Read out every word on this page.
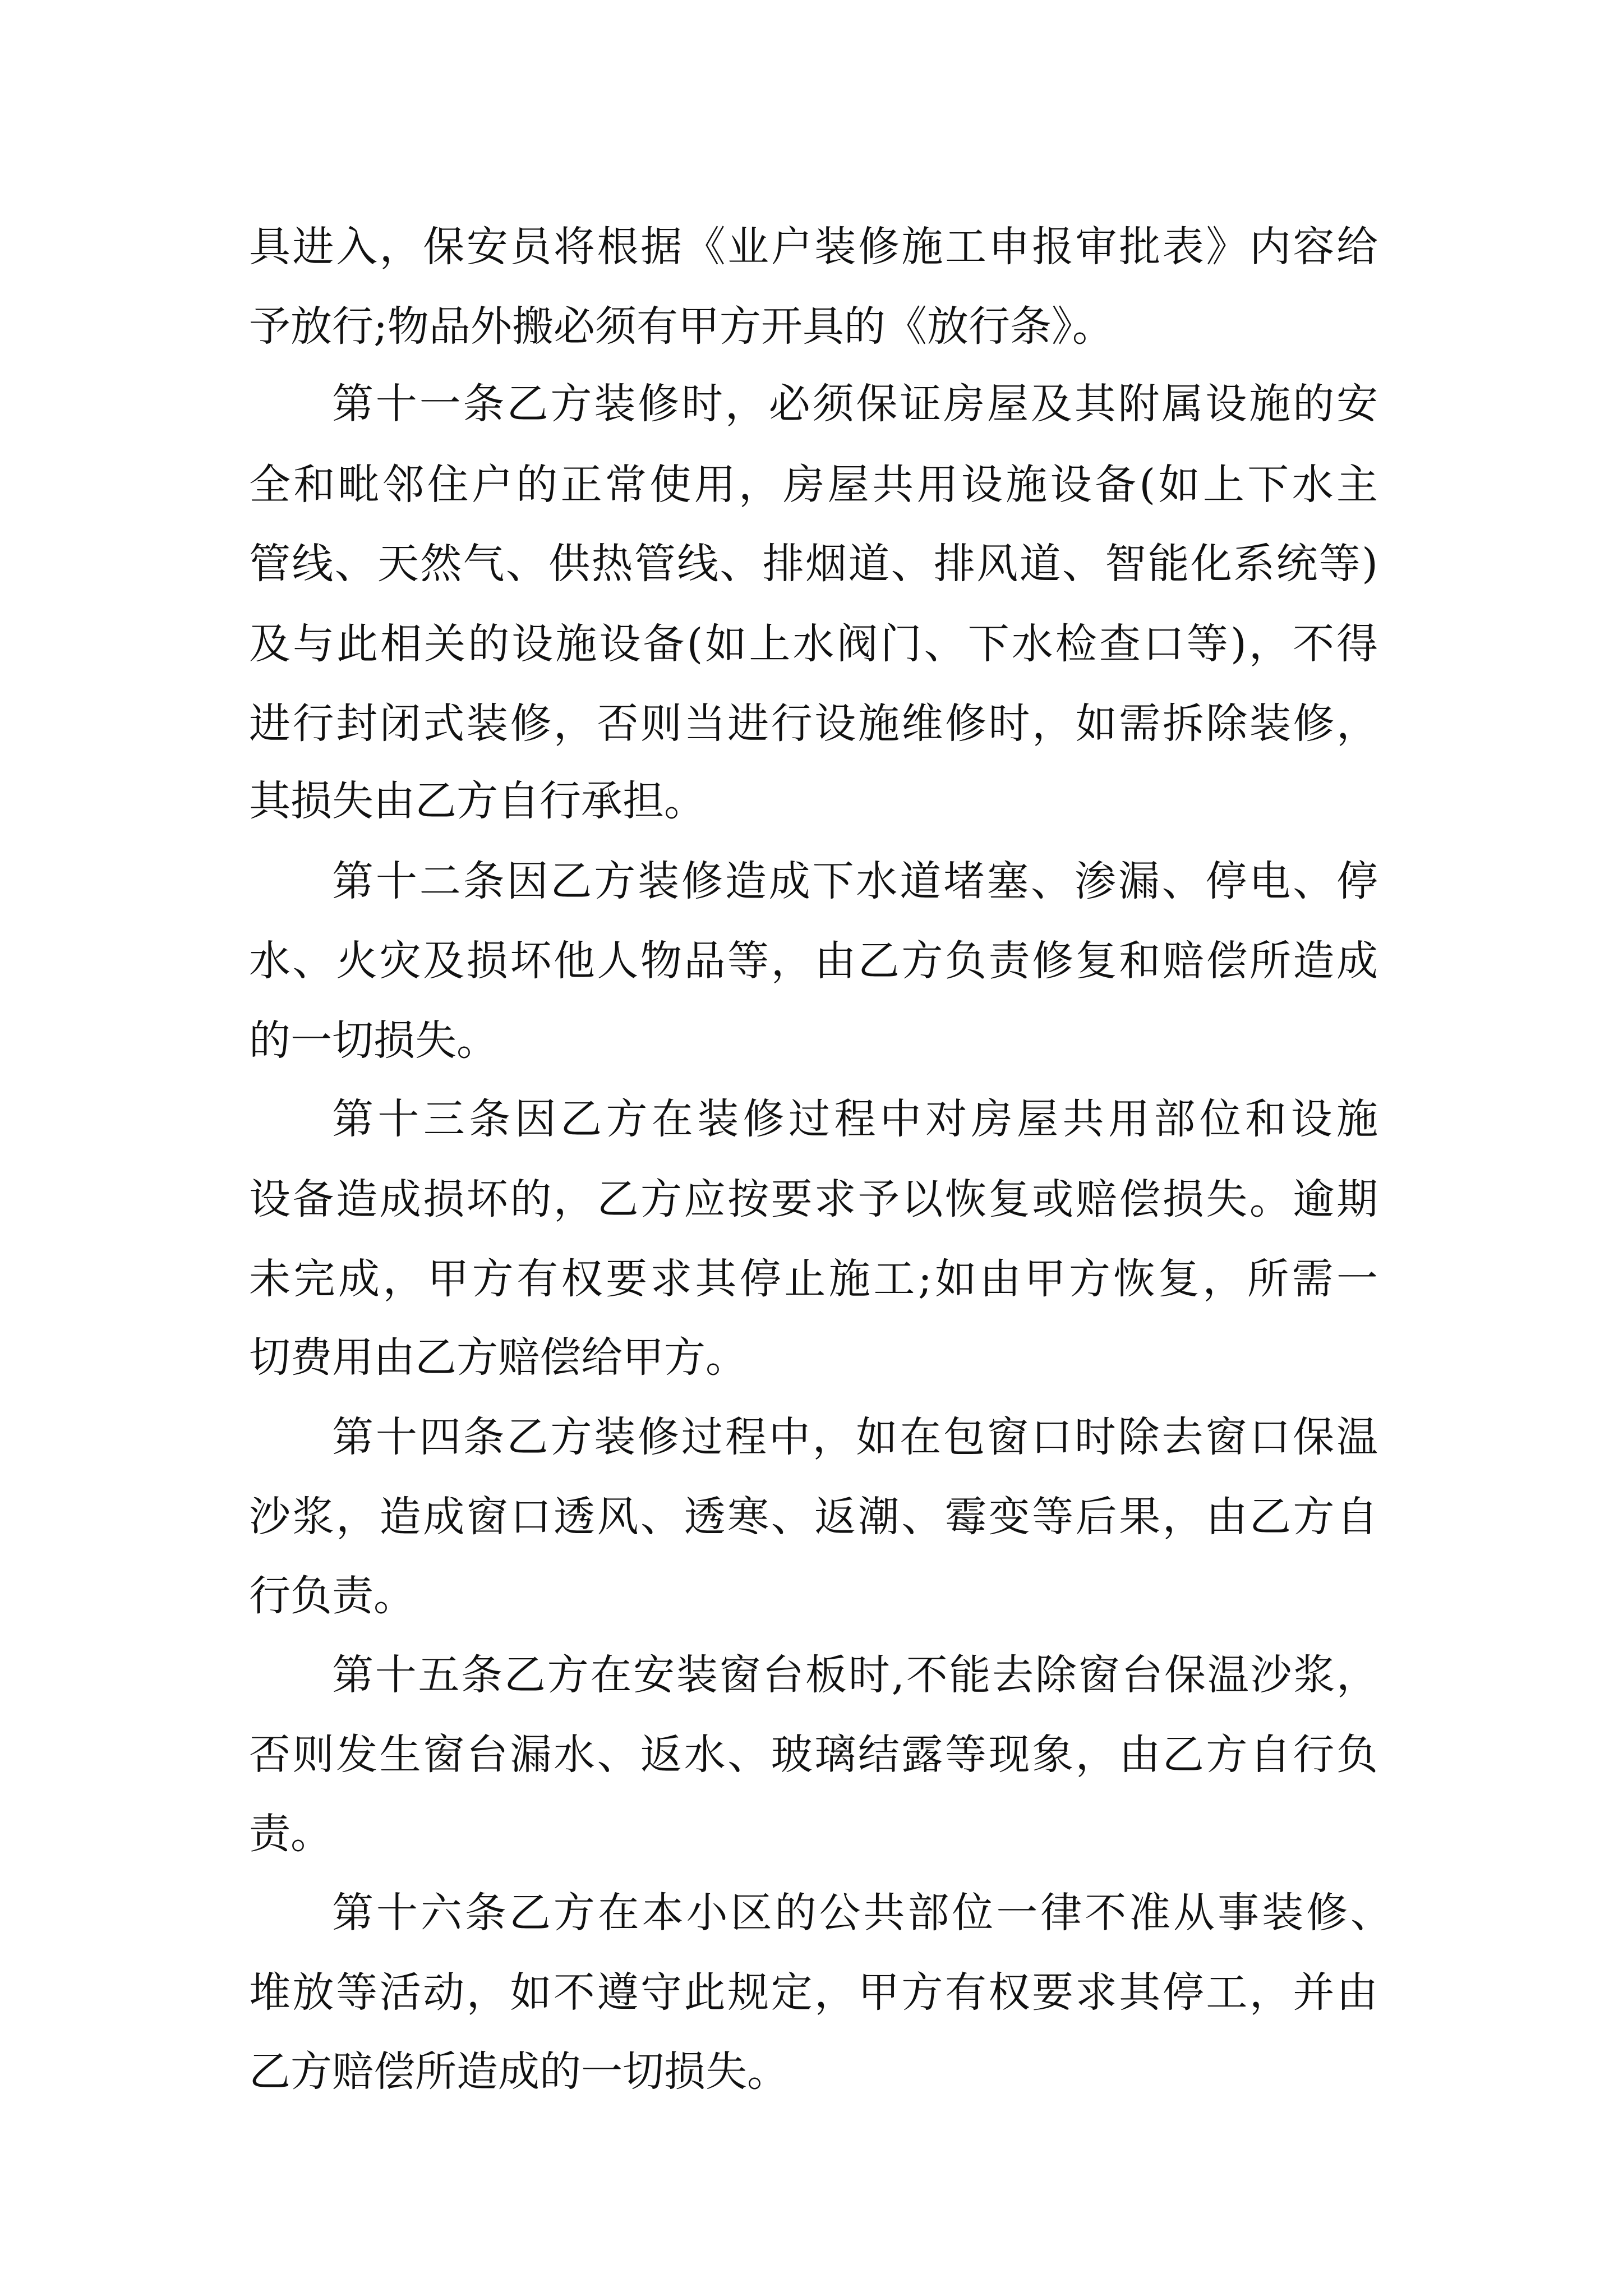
具进入，保安员将根据《业户装修施工申报审批表》内容给
予放行;物品外搬必须有甲方开具的《放行条》。
第十一条乙方装修时，必须保证房屋及其附属设施的安
全和毗邻住户的正常使用，房屋共用设施设备(如上下水主
管线、天然气、供热管线、排烟道、排风道、智能化系统等)
及与此相关的设施设备(如上水阀门、下水检查口等)，不得
进行封闭式装修，否则当进行设施维修时，如需拆除装修，
其损失由乙方自行承担。
第十二条因乙方装修造成下水道堵塞、渗漏、停电、停
水、火灾及损坏他人物品等，由乙方负责修复和赔偿所造成
的一切损失。
第十三条因乙方在装修过程中对房屋共用部位和设施
设备造成损坏的，乙方应按要求予以恢复或赔偿损失。逾期
未完成，甲方有权要求其停止施工;如由甲方恢复，所需一
切费用由乙方赔偿给甲方。
第十四条乙方装修过程中，如在包窗口时除去窗口保温
沙浆，造成窗口透风、透寒、返潮、霉变等后果，由乙方自
行负责。
第十五条乙方在安装窗台板时,不能去除窗台保温沙浆，
否则发生窗台漏水、返水、玻璃结露等现象，由乙方自行负
责。
第十六条乙方在本小区的公共部位一律不准从事装修、
堆放等活动，如不遵守此规定，甲方有权要求其停工，并由
乙方赔偿所造成的一切损失。
